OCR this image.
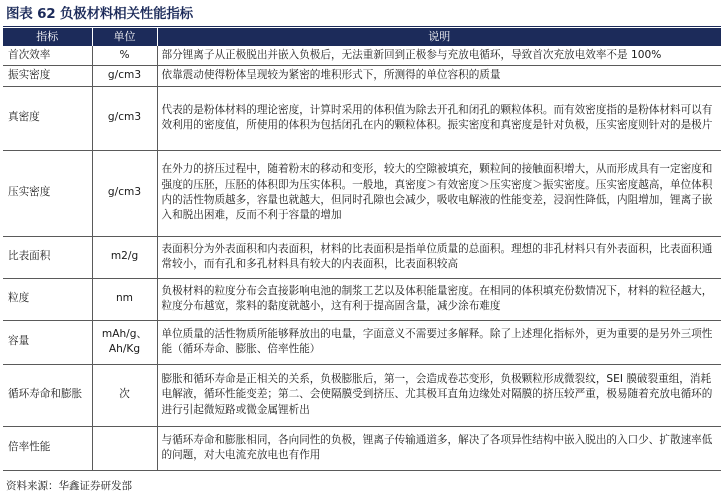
图表 62 负极材料相关性能指标
指标	单位	说明
首次效率	%	部分锂离子从正极脱出并嵌入负极后，无法重新回到正极参与充放电循环，导致首次充放电效率不是 100%
振实密度	g/cm3	依靠震动使得粉体呈现较为紧密的堆积形式下，所测得的单位容积的质量
真密度	g/cm3	代表的是粉体材料的理论密度，计算时采用的体积值为除去开孔和闭孔的颗粒体积。而有效密度指的是粉体材料可以有效利用的密度值，所使用的体积为包括闭孔在内的颗粒体积。振实密度和真密度是针对负极，压实密度则针对的是极片
压实密度	g/cm3	在外力的挤压过程中，随着粉末的移动和变形，较大的空隙被填充，颗粒间的接触面积增大，从而形成具有一定密度和强度的压胚，压胚的体积即为压实体积。一般地，真密度＞有效密度＞压实密度＞振实密度。压实密度越高，单位体积内的活性物质越多，容量也就越大，但同时孔隙也会减少，吸收电解液的性能变差，浸润性降低，内阻增加，锂离子嵌入和脱出困难，反而不利于容量的增加
比表面积	m2/g	表面积分为外表面积和内表面积，材料的比表面积是指单位质量的总面积。理想的非孔材料只有外表面积，比表面积通常较小，而有孔和多孔材料具有较大的内表面积，比表面积较高
粒度	nm	负极材料的粒度分布会直接影响电池的制浆工艺以及体积能量密度。在相同的体积填充份数情况下，材料的粒径越大，粒度分布越宽，浆料的黏度就越小，这有利于提高固含量，减少涂布难度
容量	mAh/g、Ah/Kg	单位质量的活性物质所能够释放出的电量，字面意义不需要过多解释。除了上述理化指标外，更为重要的是另外三项性能（循环寿命、膨胀、倍率性能）
循环寿命和膨胀	次	膨胀和循环寿命是正相关的关系，负极膨胀后，第一，会造成卷芯变形，负极颗粒形成微裂纹，SEI 膜破裂重组，消耗电解液，循环性能变差；第二、会使隔膜受到挤压、尤其极耳直角边缘处对隔膜的挤压较严重，极易随着充放电循环的进行引起微短路或微金属锂析出
倍率性能		与循环寿命和膨胀相同，各向同性的负极，锂离子传输通道多，解决了各项异性结构中嵌入脱出的入口少、扩散速率低的问题，对大电流充放电也有作用
资料来源：华鑫证券研发部
